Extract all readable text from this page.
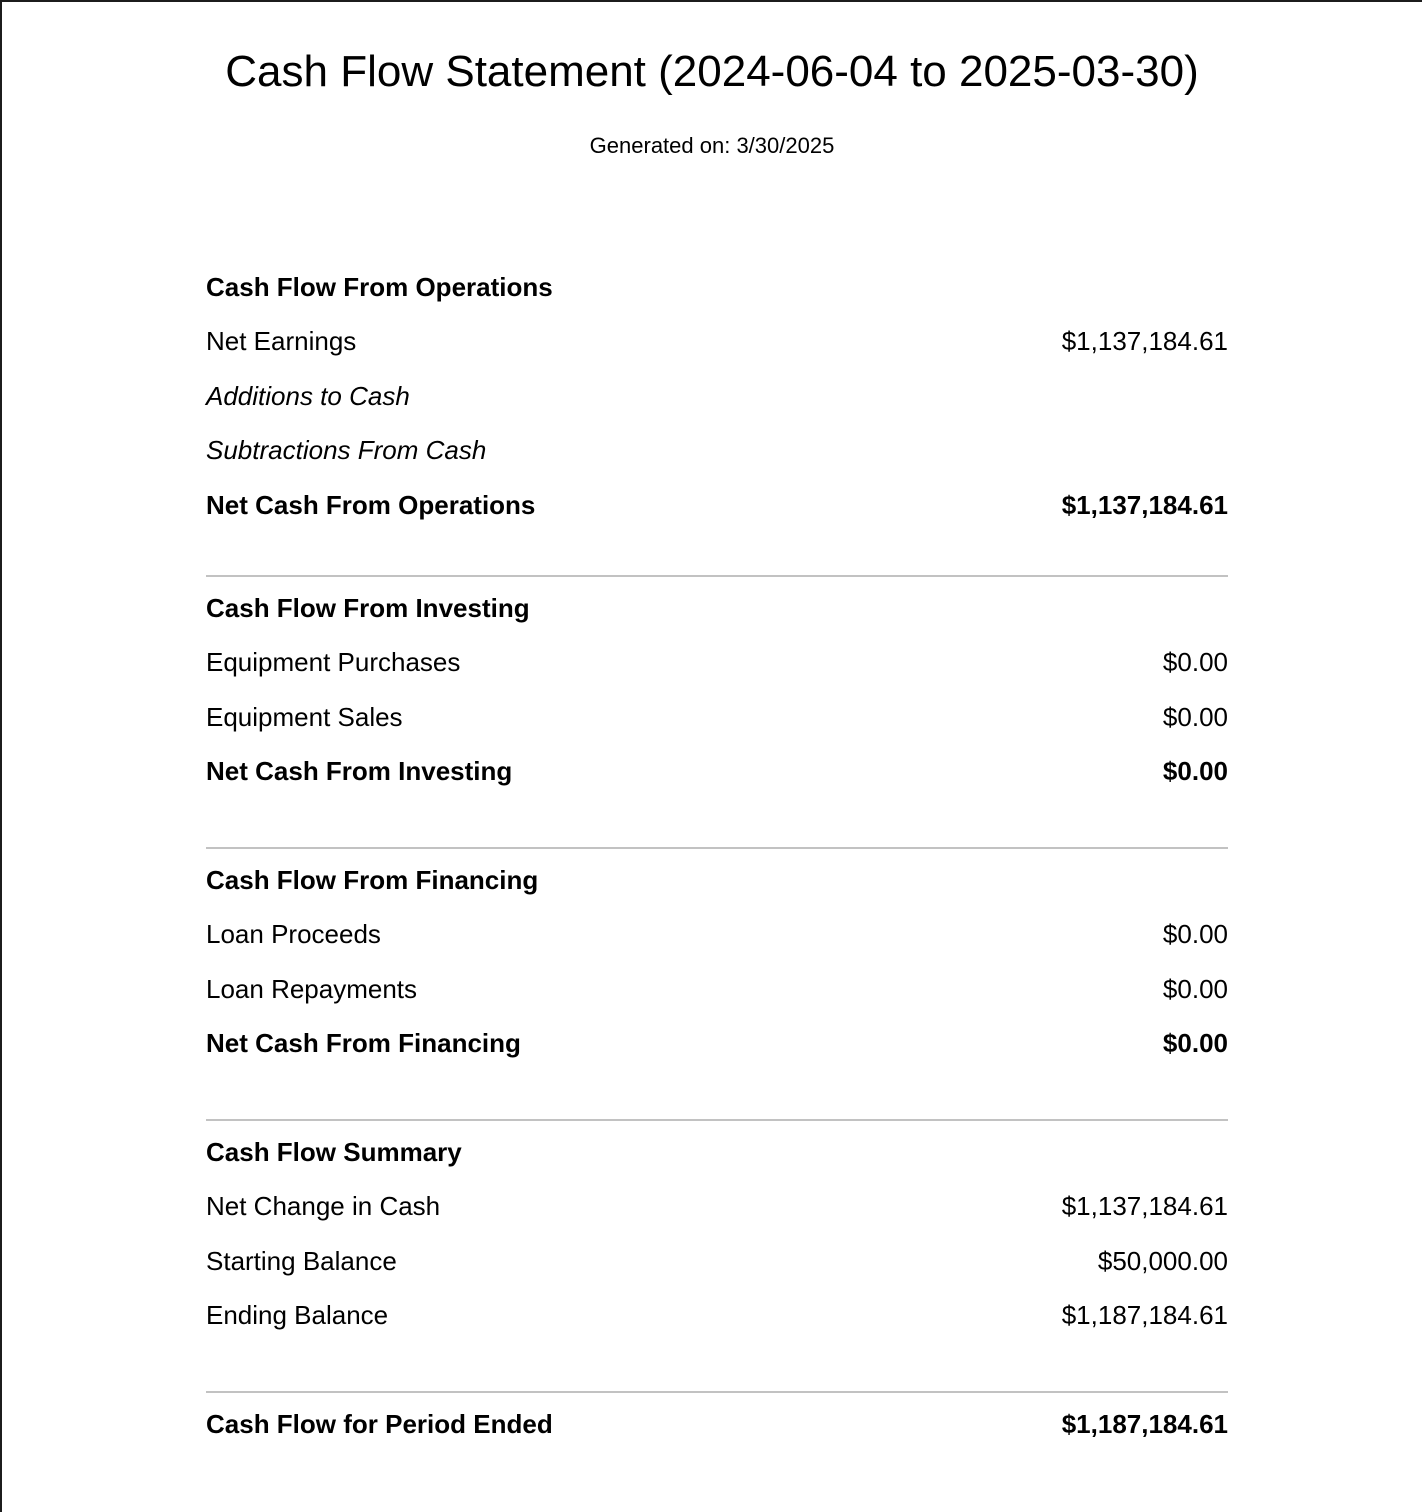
Cash Flow Statement (2024-06-04 to 2025-03-30)
Generated on: 3/30/2025
Cash Flow From Operations
Net Earnings	$1,137,184.61
Additions to Cash
Subtractions From Cash
Net Cash From Operations	$1,137,184.61
Cash Flow From Investing
Equipment Purchases	$0.00
Equipment Sales	$0.00
Net Cash From Investing	$0.00
Cash Flow From Financing
Loan Proceeds	$0.00
Loan Repayments	$0.00
Net Cash From Financing	$0.00
Cash Flow Summary
Net Change in Cash	$1,137,184.61
Starting Balance	$50,000.00
Ending Balance	$1,187,184.61
Cash Flow for Period Ended	$1,187,184.61
